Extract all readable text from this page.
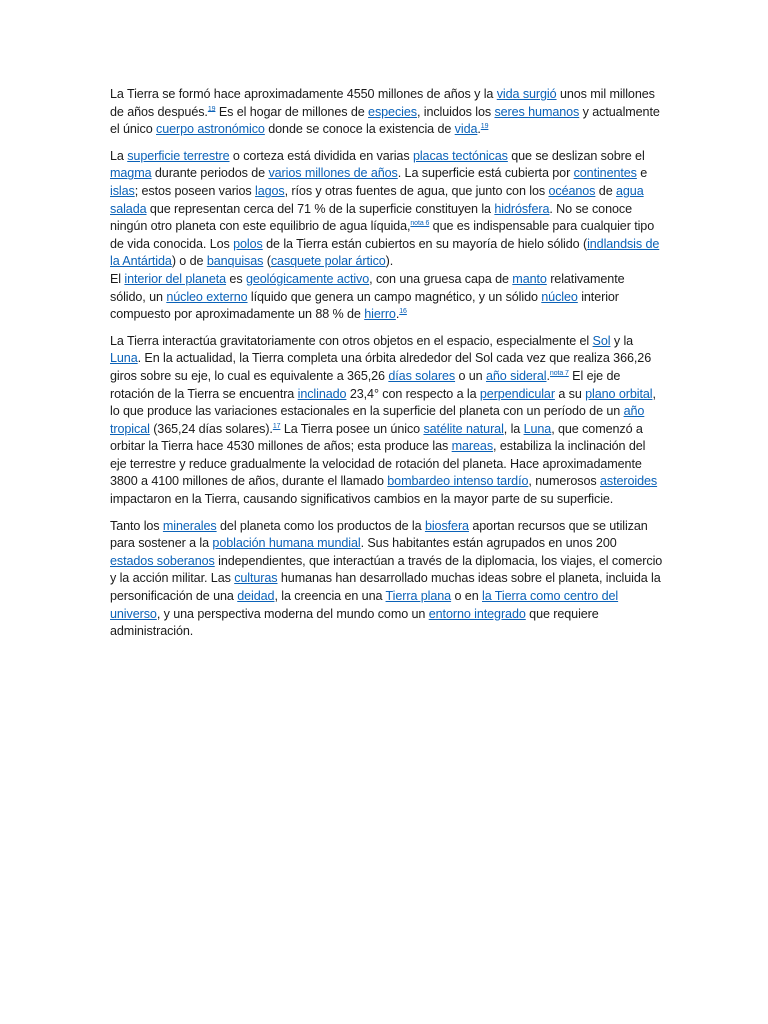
La Tierra se formó hace aproximadamente 4550 millones de años y la vida surgió unos mil millones de años después.$^{19}$ Es el hogar de millones de especies, incluidos los seres humanos y actualmente el único cuerpo astronómico donde se conoce la existencia de vida.$^{19}$

La superficie terrestre o corteza está dividida en varias placas tectónicas que se deslizan sobre el magma durante periodos de varios millones de años. La superficie está cubierta por continentes e islas; estos poseen varios lagos, ríos y otras fuentes de agua, que junto con los océanos de agua salada que representan cerca del 71 % de la superficie constituyen la hidrósfera. No se conoce ningún otro planeta con este equilibrio de agua líquida,$^{nota 6}$ que es indispensable para cualquier tipo de vida conocida. Los polos de la Tierra están cubiertos en su mayoría de hielo sólido (indlandsis de la Antártida) o de banquisas (casquete polar ártico).
El interior del planeta es geológicamente activo, con una gruesa capa de manto relativamente sólido, un núcleo externo líquido que genera un campo magnético, y un sólido núcleo interior compuesto por aproximadamente un 88 % de hierro.$^{16}$

La Tierra interactúa gravitatoriamente con otros objetos en el espacio, especialmente el Sol y la Luna. En la actualidad, la Tierra completa una órbita alrededor del Sol cada vez que realiza 366,26 giros sobre su eje, lo cual es equivalente a 365,26 días solares o un año sideral.$^{nota 7}$ El eje de rotación de la Tierra se encuentra inclinado 23,4° con respecto a la perpendicular a su plano orbital, lo que produce las variaciones estacionales en la superficie del planeta con un período de un año tropical (365,24 días solares).$^{17}$ La Tierra posee un único satélite natural, la Luna, que comenzó a orbitar la Tierra hace 4530 millones de años; esta produce las mareas, estabiliza la inclinación del eje terrestre y reduce gradualmente la velocidad de rotación del planeta. Hace aproximadamente 3800 a 4100 millones de años, durante el llamado bombardeo intenso tardío, numerosos asteroides impactaron en la Tierra, causando significativos cambios en la mayor parte de su superficie.

Tanto los minerales del planeta como los productos de la biosfera aportan recursos que se utilizan para sostener a la población humana mundial. Sus habitantes están agrupados en unos 200 estados soberanos independientes, que interactúan a través de la diplomacia, los viajes, el comercio y la acción militar. Las culturas humanas han desarrollado muchas ideas sobre el planeta, incluida la personificación de una deidad, la creencia en una Tierra plana o en la Tierra como centro del universo, y una perspectiva moderna del mundo como un entorno integrado que requiere administración.
